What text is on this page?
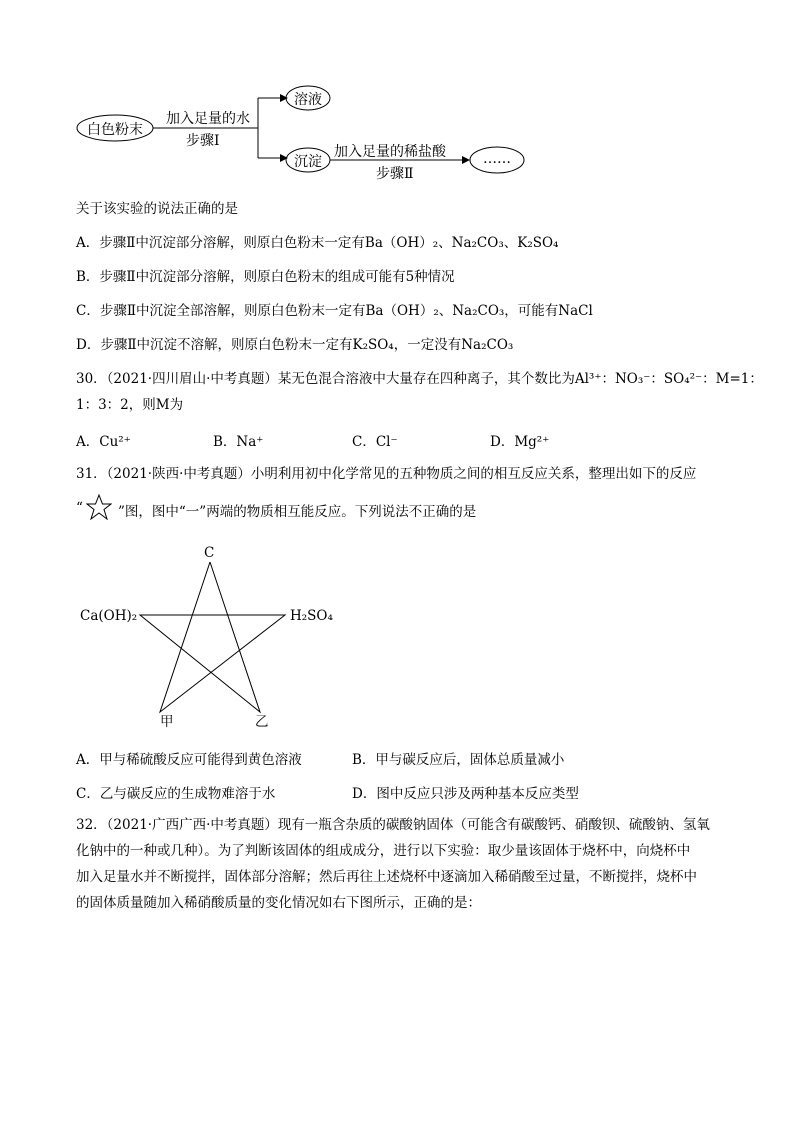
白色粉末
加入足量的水
步骤Ⅰ
溶液
沉淀
加入足量的稀盐酸
步骤Ⅱ
……
关于该实验的说法正确的是
A．步骤Ⅱ中沉淀部分溶解，则原白色粉末一定有Ba（OH）₂、Na₂CO₃、K₂SO₄
B．步骤Ⅱ中沉淀部分溶解，则原白色粉末的组成可能有5种情况
C．步骤Ⅱ中沉淀全部溶解，则原白色粉末一定有Ba（OH）₂、Na₂CO₃，可能有NaCl
D．步骤Ⅱ中沉淀不溶解，则原白色粉末一定有K₂SO₄，一定没有Na₂CO₃
30．（2021·四川眉山·中考真题）某无色混合溶液中大量存在四种离子，其个数比为Al³⁺：NO₃⁻：SO₄²⁻：M=1：
1：3：2，则M为
A．Cu²⁺	B．Na⁺	C．Cl⁻	D．Mg²⁺
31．（2021·陕西·中考真题）小明利用初中化学常见的五种物质之间的相互反应关系，整理出如下的反应
“	”图，图中“一”两端的物质相互能反应。下列说法不正确的是
C
Ca(OH)₂	H₂SO₄
甲	乙
A．甲与稀硫酸反应可能得到黄色溶液	B．甲与碳反应后，固体总质量减小
C．乙与碳反应的生成物难溶于水	D．图中反应只涉及两种基本反应类型
32．（2021·广西广西·中考真题）现有一瓶含杂质的碳酸钠固体（可能含有碳酸钙、硝酸钡、硫酸钠、氢氧
化钠中的一种或几种）。为了判断该固体的组成成分，进行以下实验：取少量该固体于烧杯中，向烧杯中
加入足量水并不断搅拌，固体部分溶解；然后再往上述烧杯中逐滴加入稀硝酸至过量，不断搅拌，烧杯中
的固体质量随加入稀硝酸质量的变化情况如右下图所示，正确的是：
